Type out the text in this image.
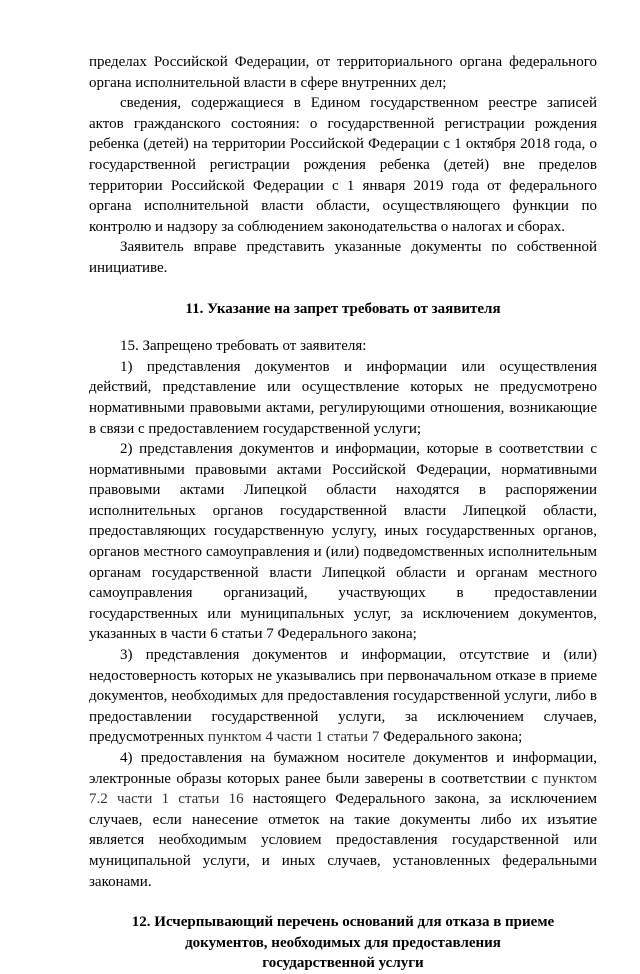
пределах Российской Федерации, от территориального органа федерального органа исполнительной власти в сфере внутренних дел;

сведения, содержащиеся в Едином государственном реестре записей актов гражданского состояния: о государственной регистрации рождения ребенка (детей) на территории Российской Федерации с 1 октября 2018 года, о государственной регистрации рождения ребенка (детей) вне пределов территории Российской Федерации с 1 января 2019 года от федерального органа исполнительной власти области, осуществляющего функции по контролю и надзору за соблюдением законодательства о налогах и сборах.

Заявитель вправе представить указанные документы по собственной инициативе.

11. Указание на запрет требовать от заявителя

15. Запрещено требовать от заявителя:

1) представления документов и информации или осуществления действий, представление или осуществление которых не предусмотрено нормативными правовыми актами, регулирующими отношения, возникающие в связи с предоставлением государственной услуги;

2) представления документов и информации, которые в соответствии с нормативными правовыми актами Российской Федерации, нормативными правовыми актами Липецкой области находятся в распоряжении исполнительных органов государственной власти Липецкой области, предоставляющих государственную услугу, иных государственных органов, органов местного самоуправления и (или) подведомственных исполнительным органам государственной власти Липецкой области и органам местного самоуправления организаций, участвующих в предоставлении государственных или муниципальных услуг, за исключением документов, указанных в части 6 статьи 7 Федерального закона;

3) представления документов и информации, отсутствие и (или) недостоверность которых не указывались при первоначальном отказе в приеме документов, необходимых для предоставления государственной услуги, либо в предоставлении государственной услуги, за исключением случаев, предусмотренных пунктом 4 части 1 статьи 7 Федерального закона;

4) предоставления на бумажном носителе документов и информации, электронные образы которых ранее были заверены в соответствии с пунктом 7.2 части 1 статьи 16 настоящего Федерального закона, за исключением случаев, если нанесение отметок на такие документы либо их изъятие является необходимым условием предоставления государственной или муниципальной услуги, и иных случаев, установленных федеральными законами.

12. Исчерпывающий перечень оснований для отказа в приеме документов, необходимых для предоставления государственной услуги
